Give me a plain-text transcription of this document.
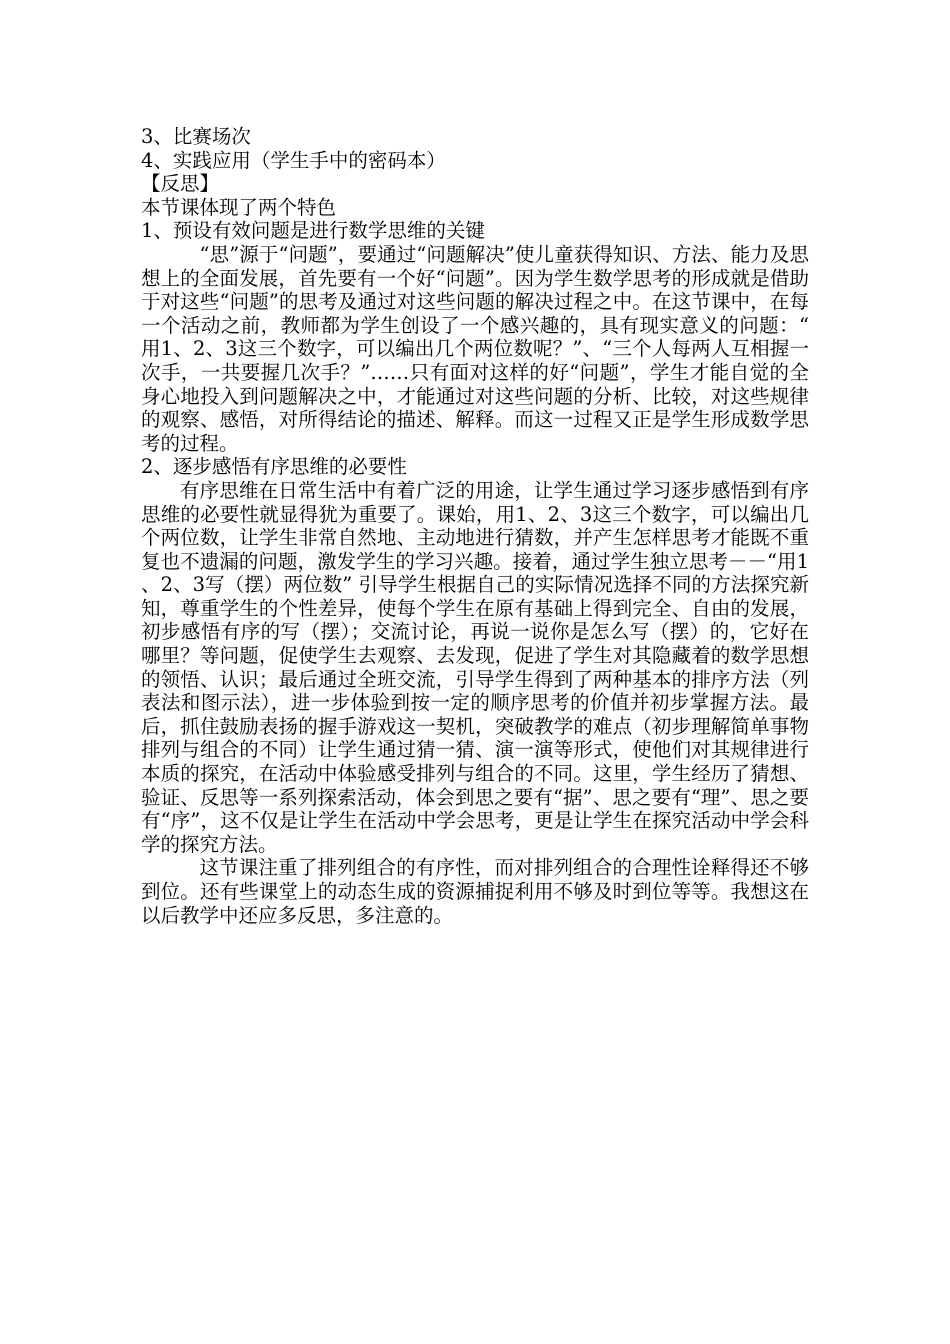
3、比赛场次
4、实践应用（学生手中的密码本）
【反思】
本节课体现了两个特色
1、预设有效问题是进行数学思维的关键

“思”源于“问题”，要通过“问题解决”使儿童获得知识、方法、能力及思想上的全面发展，首先要有一个好“问题”。因为学生数学思考的形成就是借助于对这些“问题”的思考及通过对这些问题的解决过程之中。在这节课中，在每一个活动之前，教师都为学生创设了一个感兴趣的，具有现实意义的问题：“用1、2、3这三个数字，可以编出几个两位数呢？”、“三个人每两人互相握一次手，一共要握几次手？”……只有面对这样的好“问题”，学生才能自觉的全身心地投入到问题解决之中，才能通过对这些问题的分析、比较，对这些规律的观察、感悟，对所得结论的描述、解释。而这一过程又正是学生形成数学思考的过程。

2、逐步感悟有序思维的必要性

有序思维在日常生活中有着广泛的用途，让学生通过学习逐步感悟到有序思维的必要性就显得犹为重要了。课始，用1、2、3这三个数字，可以编出几个两位数，让学生非常自然地、主动地进行猜数，并产生怎样思考才能既不重复也不遗漏的问题，激发学生的学习兴趣。接着，通过学生独立思考－－“用1、2、3写（摆）两位数” 引导学生根据自己的实际情况选择不同的方法探究新知，尊重学生的个性差异，使每个学生在原有基础上得到完全、自由的发展，初步感悟有序的写（摆）；交流讨论，再说一说你是怎么写（摆）的，它好在哪里？等问题，促使学生去观察、去发现，促进了学生对其隐藏着的数学思想的领悟、认识；最后通过全班交流，引导学生得到了两种基本的排序方法（列表法和图示法），进一步体验到按一定的顺序思考的价值并初步掌握方法。最后，抓住鼓励表扬的握手游戏这一契机，突破教学的难点（初步理解简单事物排列与组合的不同）让学生通过猜一猜、演一演等形式，使他们对其规律进行本质的探究，在活动中体验感受排列与组合的不同。这里，学生经历了猜想、验证、反思等一系列探索活动，体会到思之要有“据”、思之要有“理”、思之要有“序”，这不仅是让学生在活动中学会思考，更是让学生在探究活动中学会科学的探究方法。

这节课注重了排列组合的有序性，而对排列组合的合理性诠释得还不够到位。还有些课堂上的动态生成的资源捕捉利用不够及时到位等等。我想这在以后教学中还应多反思，多注意的。
